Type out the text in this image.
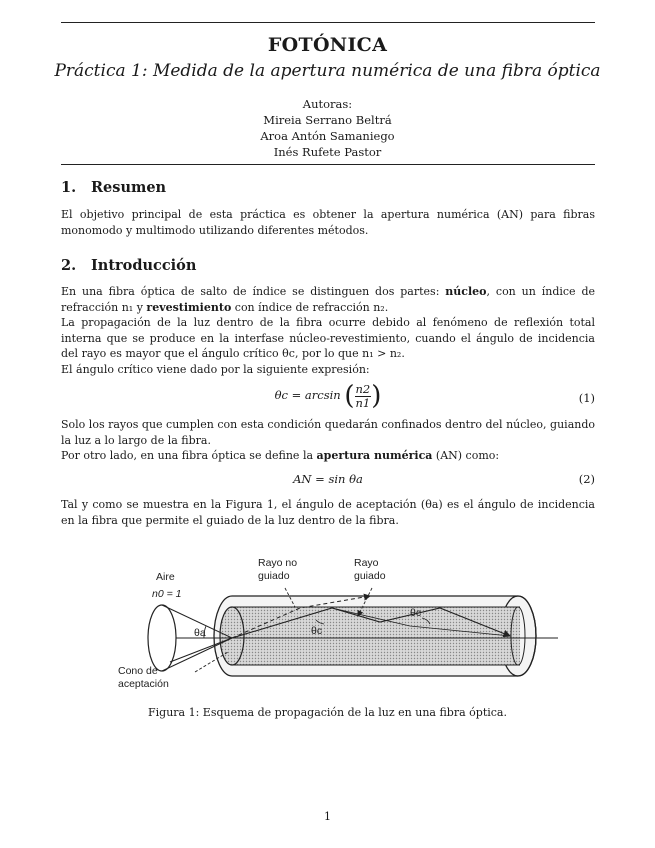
FOTÓNICA
Práctica 1: Medida de la apertura numérica de una fibra óptica
Autoras:
Mireia Serrano Beltrá
Aroa Antón Samaniego
Inés Rufete Pastor
1. Resumen

El objetivo principal de esta práctica es obtener la apertura numérica (AN) para fibras monomodo y multimodo utilizando diferentes métodos.

2. Introducción

En una fibra óptica de salto de índice se distinguen dos partes: núcleo, con un índice de refracción n₁ y revestimiento con índice de refracción n₂.

La propagación de la luz dentro de la fibra ocurre debido al fenómeno de reflexión total interna que se produce en la interfase núcleo-revestimiento, cuando el ángulo de incidencia del rayo es mayor que el ángulo crítico θc, por lo que n₁ > n₂.

El ángulo crítico viene dado por la siguiente expresión:

θc = arcsin ( $\frac{n2}{n1}$ )	(1)

Solo los rayos que cumplen con esta condición quedarán confinados dentro del núcleo, guiando la luz a lo largo de la fibra.

Por otro lado, en una fibra óptica se define la apertura numérica (AN) como:

AN = sin θa	(2)

Tal y como se muestra en la Figura 1, el ángulo de aceptación (θa) es el ángulo de incidencia en la fibra que permite el guiado de la luz dentro de la fibra.

Aire
n0 = 1
Rayo no
guiado
Rayo
guiado
Cono de
aceptación
θa	θc
θc
Figura 1: Esquema de propagación de la luz en una fibra óptica.
1
